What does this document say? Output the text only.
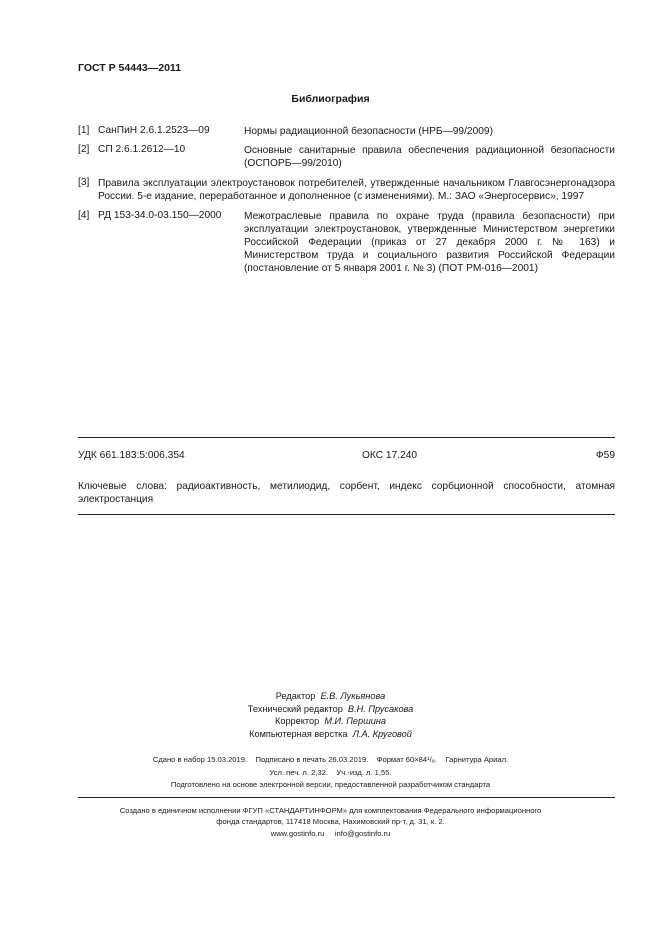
ГОСТ Р 54443—2011
Библиография
[1] СанПиН 2.6.1.2523—09	Нормы радиационной безопасности (НРБ—99/2009)
[2] СП 2.6.1.2612—10	Основные санитарные правила обеспечения радиационной безопасности (ОСПОРБ—99/2010)
[3] Правила эксплуатации электроустановок потребителей, утвержденные начальником Главгосэнергонадзора России. 5-е издание, переработанное и дополненное (с изменениями). М.: ЗАО «Энергосервис», 1997
[4] РД 153-34.0-03.150—2000 Межотраслевые правила по охране труда (правила безопасности) при эксплуатации электроустановок, утвержденные Министерством энергетики Российской Федерации (приказ от 27 декабря 2000 г. № 163) и Министерством труда и социального развития Российской Федерации (постановление от 5 января 2001 г. № 3) (ПОТ РМ-016—2001)
УДК 661.183:5:006.354	ОКС 17.240	Ф59
Ключевые слова: радиоактивность, метилиодид, сорбент, индекс сорбционной способности, атомная электростанция
Редактор Е.В. Лукьянова
Технический редактор В.Н. Прусакова
Корректор М.И. Першина
Компьютерная верстка Л.А. Круговой
Сдано в набор 15.03.2019.    Подписано в печать 26.03.2019.    Формат 60×84¹/₈.    Гарнитура Ариал.
Усл. печ. л. 2,32.    Уч.-изд. л. 1,55.
Подготовлено на основе электронной версии, предоставленной разработчиком стандарта
Создано в единичном исполнении ФГУП «СТАНДАРТИНФОРМ» для комплектования Федерального информационного
фонда стандартов, 117418 Москва, Нахимовский пр-т, д. 31, к. 2.
www.gostinfo.ru     info@gostinfo.ru
